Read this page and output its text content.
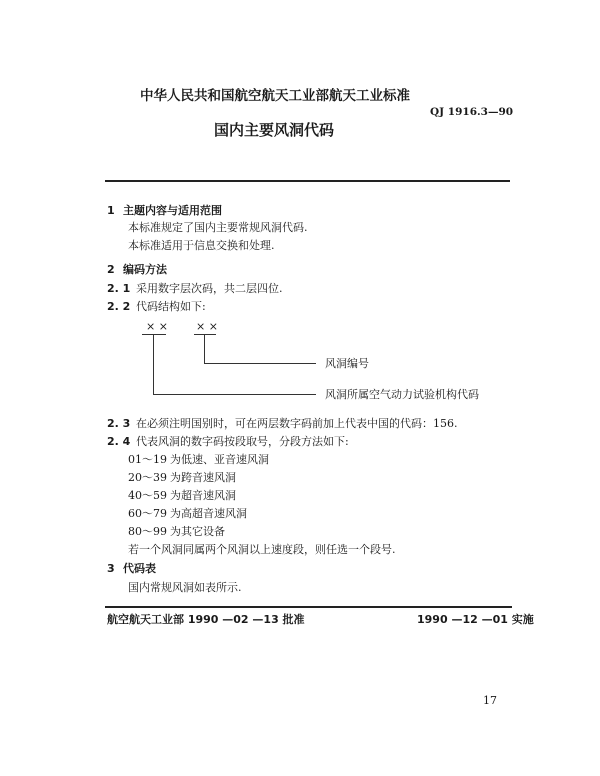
中华人民共和国航空航天工业部航天工业标准
QJ 1916.3—90
国内主要风洞代码
1 主题内容与适用范围
本标准规定了国内主要常规风洞代码.
本标准适用于信息交换和处理.
2 编码方法
2. 1 采用数字层次码，共二层四位.
2. 2 代码结构如下:
× ×	× ×
风洞编号
风洞所属空气动力试验机构代码
2. 3 在必须注明国别时，可在两层数字码前加上代表中国的代码：156.
2. 4 代表风洞的数字码按段取号，分段方法如下:
01～19 为低速、亚音速风洞
20～39 为跨音速风洞
40～59 为超音速风洞
60～79 为高超音速风洞
80～99 为其它设备
若一个风洞同属两个风洞以上速度段，则任选一个段号.
3 代码表
国内常规风洞如表所示.
航空航天工业部 1990 —02 —13 批准	1990 —12 —01 实施
17
